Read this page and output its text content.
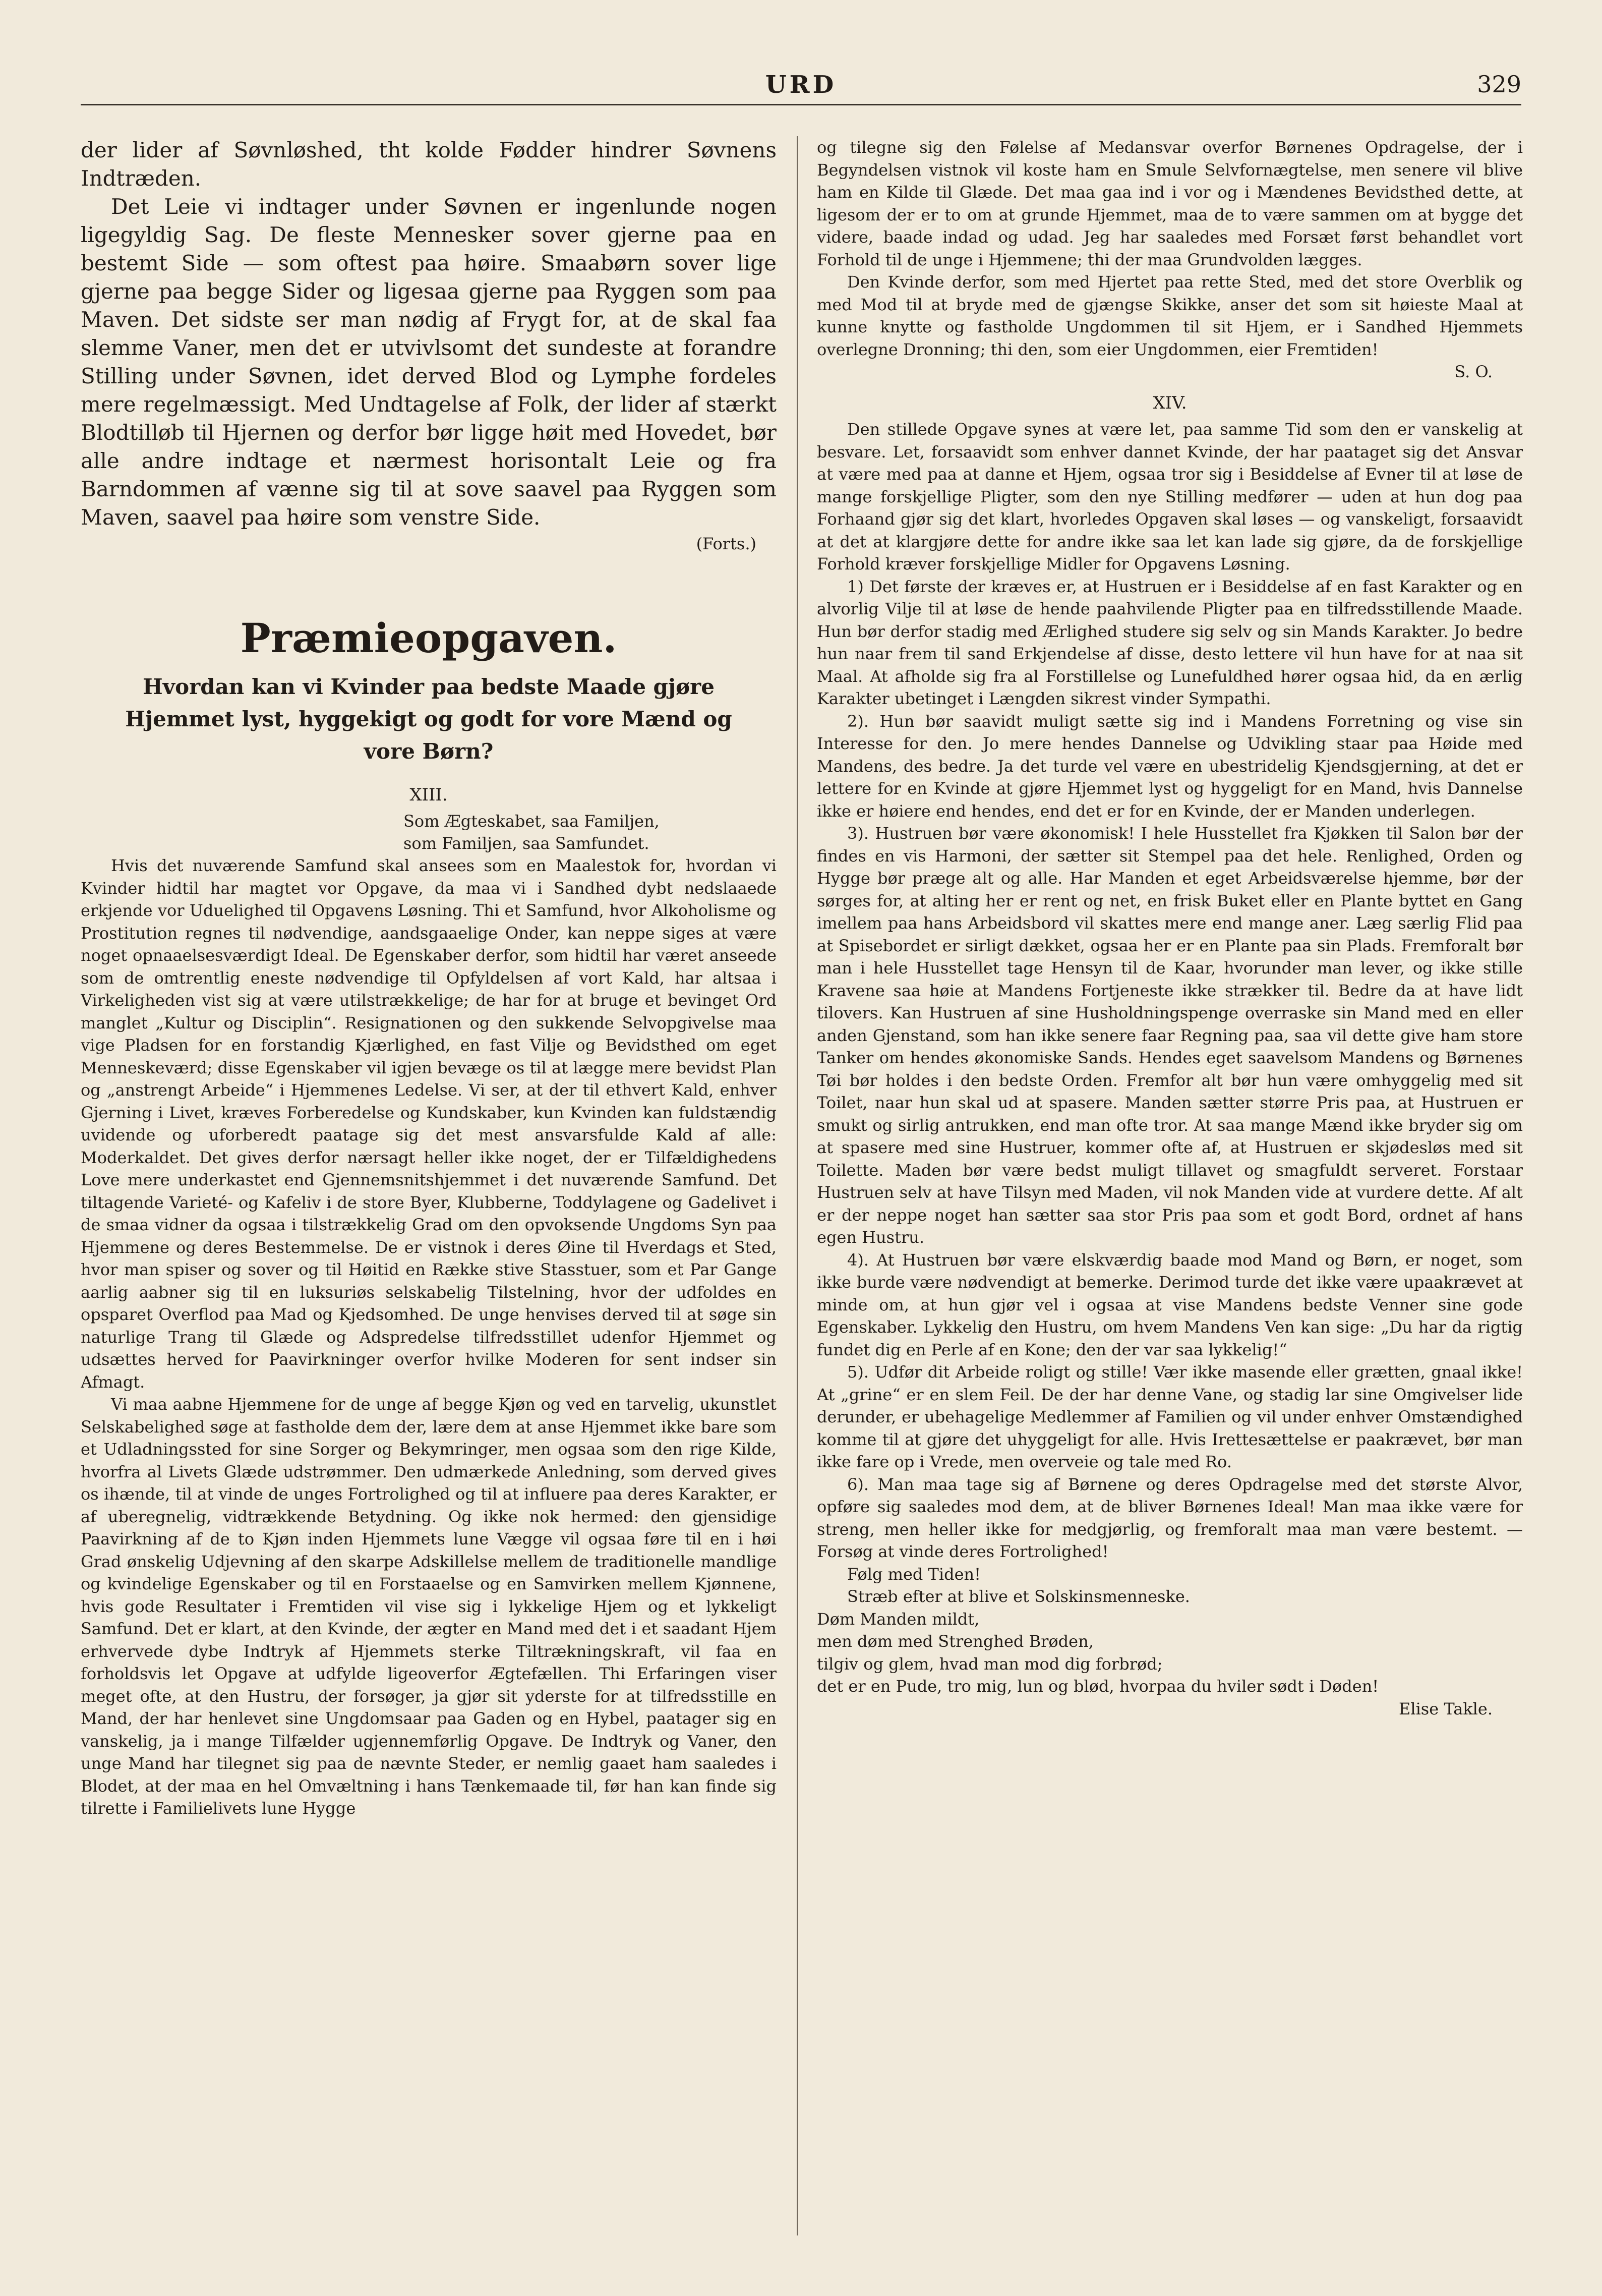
URD	329

der lider af Søvnløshed, tht kolde Fødder hindrer Søvnens Indtræden.

Det Leie vi indtager under Søvnen er ingenlunde nogen ligegyldig Sag. De fleste Mennesker sover gjerne paa en bestemt Side — som oftest paa høire. Smaabørn sover lige gjerne paa begge Sider og ligesaa gjerne paa Ryggen som paa Maven. Det sidste ser man nødig af Frygt for, at de skal faa slemme Vaner, men det er utvivlsomt det sundeste at forandre Stilling under Søvnen, idet derved Blod og Lymphe fordeles mere regelmæssigt. Med Undtagelse af Folk, der lider af stærkt Blodtilløb til Hjernen og derfor bør ligge høit med Hovedet, bør alle andre indtage et nærmest horisontalt Leie og fra Barndommen af vænne sig til at sove saavel paa Ryggen som Maven, saavel paa høire som venstre Side.

(Forts.)
Præmieopgaven.
Hvordan kan vi Kvinder paa bedste Maade gjøre Hjemmet lyst, hyggekigt og godt for vore Mænd og vore Børn?
XIII.
Som Ægteskabet, saa Familjen,
som Familjen, saa Samfundet.

Hvis det nuværende Samfund skal ansees som en Maalestok for, hvordan vi Kvinder hidtil har magtet vor Opgave, da maa vi i Sandhed dybt nedslaaede erkjende vor Uduelighed til Opgavens Løsning. Thi et Samfund, hvor Alkoholisme og Prostitution regnes til nødvendige, aandsgaaelige Onder, kan neppe siges at være noget opnaaelsesværdigt Ideal. De Egenskaber derfor, som hidtil har været anseede som de omtrentlig eneste nødvendige til Opfyldelsen af vort Kald, har altsaa i Virkeligheden vist sig at være utilstrækkelige; de har for at bruge et bevinget Ord manglet „Kultur og Disciplin“. Resignationen og den sukkende Selvopgivelse maa vige Pladsen for en forstandig Kjærlighed, en fast Vilje og Bevidsthed om eget Menneskeværd; disse Egenskaber vil igjen bevæge os til at lægge mere bevidst Plan og „anstrengt Arbeide“ i Hjemmenes Ledelse. Vi ser, at der til ethvert Kald, enhver Gjerning i Livet, kræves Forberedelse og Kundskaber, kun Kvinden kan fuldstændig uvidende og uforberedt paatage sig det mest ansvarsfulde Kald af alle: Moderkaldet. Det gives derfor nærsagt heller ikke noget, der er Tilfældighedens Love mere underkastet end Gjennemsnitshjemmet i det nuværende Samfund. Det tiltagende Varieté- og Kafeliv i de store Byer, Klubberne, Toddylagene og Gadelivet i de smaa vidner da ogsaa i tilstrækkelig Grad om den opvoksende Ungdoms Syn paa Hjemmene og deres Bestemmelse. De er vistnok i deres Øine til Hverdags et Sted, hvor man spiser og sover og til Høitid en Række stive Stasstuer, som et Par Gange aarlig aabner sig til en luksuriøs selskabelig Tilstelning, hvor der udfoldes en opsparet Overflod paa Mad og Kjedsomhed. De unge henvises derved til at søge sin naturlige Trang til Glæde og Adspredelse tilfredsstillet udenfor Hjemmet og udsættes herved for Paavirkninger overfor hvilke Moderen for sent indser sin Afmagt.

Vi maa aabne Hjemmene for de unge af begge Kjøn og ved en tarvelig, ukunstlet Selskabelighed søge at fastholde dem der, lære dem at anse Hjemmet ikke bare som et Udladningssted for sine Sorger og Bekymringer, men ogsaa som den rige Kilde, hvorfra al Livets Glæde udstrømmer. Den udmærkede Anledning, som derved gives os ihænde, til at vinde de unges Fortrolighed og til at influere paa deres Karakter, er af uberegnelig, vidtrækkende Betydning. Og ikke nok hermed: den gjensidige Paavirkning af de to Kjøn inden Hjemmets lune Vægge vil ogsaa føre til en i høi Grad ønskelig Udjevning af den skarpe Adskillelse mellem de traditionelle mandlige og kvindelige Egenskaber og til en Forstaaelse og en Samvirken mellem Kjønnene, hvis gode Resultater i Fremtiden vil vise sig i lykkelige Hjem og et lykkeligt Samfund. Det er klart, at den Kvinde, der ægter en Mand med det i et saadant Hjem erhvervede dybe Indtryk af Hjemmets sterke Tiltrækningskraft, vil faa en forholdsvis let Opgave at udfylde ligeoverfor Ægtefællen. Thi Erfaringen viser meget ofte, at den Hustru, der forsøger, ja gjør sit yderste for at tilfredsstille en Mand, der har henlevet sine Ungdomsaar paa Gaden og en Hybel, paatager sig en vanskelig, ja i mange Tilfælder ugjennemførlig Opgave. De Indtryk og Vaner, den unge Mand har tilegnet sig paa de nævnte Steder, er nemlig gaaet ham saaledes i Blodet, at der maa en hel Omvæltning i hans Tænkemaade til, før han kan finde sig tilrette i Familielivets lune Hygge

og tilegne sig den Følelse af Medansvar overfor Børnenes Opdragelse, der i Begyndelsen vistnok vil koste ham en Smule Selvfornægtelse, men senere vil blive ham en Kilde til Glæde. Det maa gaa ind i vor og i Mændenes Bevidsthed dette, at ligesom der er to om at grunde Hjemmet, maa de to være sammen om at bygge det videre, baade indad og udad. Jeg har saaledes med Forsæt først behandlet vort Forhold til de unge i Hjemmene; thi der maa Grundvolden lægges.

Den Kvinde derfor, som med Hjertet paa rette Sted, med det store Overblik og med Mod til at bryde med de gjængse Skikke, anser det som sit høieste Maal at kunne knytte og fastholde Ungdommen til sit Hjem, er i Sandhed Hjemmets overlegne Dronning; thi den, som eier Ungdommen, eier Fremtiden!

S. O.
XIV.

Den stillede Opgave synes at være let, paa samme Tid som den er vanskelig at besvare. Let, forsaavidt som enhver dannet Kvinde, der har paataget sig det Ansvar at være med paa at danne et Hjem, ogsaa tror sig i Besiddelse af Evner til at løse de mange forskjellige Pligter, som den nye Stilling medfører — uden at hun dog paa Forhaand gjør sig det klart, hvorledes Opgaven skal løses — og vanskeligt, forsaavidt at det at klargjøre dette for andre ikke saa let kan lade sig gjøre, da de forskjellige Forhold kræver forskjellige Midler for Opgavens Løsning.

1) Det første der kræves er, at Hustruen er i Besiddelse af en fast Karakter og en alvorlig Vilje til at løse de hende paahvilende Pligter paa en tilfredsstillende Maade. Hun bør derfor stadig med Ærlighed studere sig selv og sin Mands Karakter. Jo bedre hun naar frem til sand Erkjendelse af disse, desto lettere vil hun have for at naa sit Maal. At afholde sig fra al Forstillelse og Lunefuldhed hører ogsaa hid, da en ærlig Karakter ubetinget i Længden sikrest vinder Sympathi.

2). Hun bør saavidt muligt sætte sig ind i Mandens Forretning og vise sin Interesse for den. Jo mere hendes Dannelse og Udvikling staar paa Høide med Mandens, des bedre. Ja det turde vel være en ubestridelig Kjendsgjerning, at det er lettere for en Kvinde at gjøre Hjemmet lyst og hyggeligt for en Mand, hvis Dannelse ikke er høiere end hendes, end det er for en Kvinde, der er Manden underlegen.

3). Hustruen bør være økonomisk! I hele Husstellet fra Kjøkken til Salon bør der findes en vis Harmoni, der sætter sit Stempel paa det hele. Renlighed, Orden og Hygge bør præge alt og alle. Har Manden et eget Arbeidsværelse hjemme, bør der sørges for, at alting her er rent og net, en frisk Buket eller en Plante byttet en Gang imellem paa hans Arbeidsbord vil skattes mere end mange aner. Læg særlig Flid paa at Spisebordet er sirligt dækket, ogsaa her er en Plante paa sin Plads. Fremforalt bør man i hele Husstellet tage Hensyn til de Kaar, hvorunder man lever, og ikke stille Kravene saa høie at Mandens Fortjeneste ikke strækker til. Bedre da at have lidt tilovers. Kan Hustruen af sine Husholdningspenge overraske sin Mand med en eller anden Gjenstand, som han ikke senere faar Regning paa, saa vil dette give ham store Tanker om hendes økonomiske Sands. Hendes eget saavelsom Mandens og Børnenes Tøi bør holdes i den bedste Orden. Fremfor alt bør hun være omhyggelig med sit Toilet, naar hun skal ud at spasere. Manden sætter større Pris paa, at Hustruen er smukt og sirlig antrukken, end man ofte tror. At saa mange Mænd ikke bryder sig om at spasere med sine Hustruer, kommer ofte af, at Hustruen er skjødesløs med sit Toilette. Maden bør være bedst muligt tillavet og smagfuldt serveret. Forstaar Hustruen selv at have Tilsyn med Maden, vil nok Manden vide at vurdere dette. Af alt er der neppe noget han sætter saa stor Pris paa som et godt Bord, ordnet af hans egen Hustru.

4). At Hustruen bør være elskværdig baade mod Mand og Børn, er noget, som ikke burde være nødvendigt at bemerke. Derimod turde det ikke være upaakrævet at minde om, at hun gjør vel i ogsaa at vise Mandens bedste Venner sine gode Egenskaber. Lykkelig den Hustru, om hvem Mandens Ven kan sige: „Du har da rigtig fundet dig en Perle af en Kone; den der var saa lykkelig!“

5). Udfør dit Arbeide roligt og stille! Vær ikke masende eller grætten, gnaal ikke! At „grine“ er en slem Feil. De der har denne Vane, og stadig lar sine Omgivelser lide derunder, er ubehagelige Medlemmer af Familien og vil under enhver Omstændighed komme til at gjøre det uhyggeligt for alle. Hvis Irettesættelse er paakrævet, bør man ikke fare op i Vrede, men overveie og tale med Ro.

6). Man maa tage sig af Børnene og deres Opdragelse med det største Alvor, opføre sig saaledes mod dem, at de bliver Børnenes Ideal! Man maa ikke være for streng, men heller ikke for medgjørlig, og fremforalt maa man være bestemt. — Forsøg at vinde deres Fortrolighed!

Følg med Tiden!
Stræb efter at blive et Solskinsmenneske.
Døm Manden mildt,
men døm med Strenghed Brøden,
tilgiv og glem, hvad man mod dig forbrød;
det er en Pude, tro mig, lun og blød, hvorpaa du hviler sødt i Døden!
Elise Takle.
